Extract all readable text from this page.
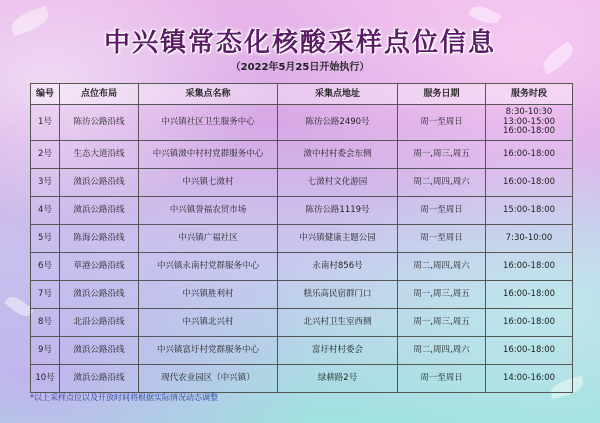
中兴镇常态化核酸采样点位信息
（2022年5月25日开始执行）
编号	点位布局	采集点名称	采集点地址	服务日期	服务时段
1号	陈彷公路沿线	中兴镇社区卫生服务中心	陈彷公路2490号	周一至周日	8:30-10:30
13:00-15:00
16:00-18:00

2号	生态大道沿线	中兴镇滧中村村党群服务中心	滧中村村委会东侧	周一,周三,周五	16:00-18:00

3号	滧浜公路沿线	中兴镇七滧村	七滧村文化游园	周二,周四,周六	16:00-18:00

4号	滧浜公路沿线	中兴镇誉福农贸市场	陈彷公路1119号	周一至周日	15:00-18:00

5号	陈海公路沿线	中兴镇广福社区	中兴镇健康主题公园	周一至周日	7:30-10:00

6号	草港公路沿线	中兴镇永南村党群服务中心	永南村856号	周二,周四,周六	16:00-18:00

7号	滧浜公路沿线	中兴镇胜利村	糕乐高民宿群门口	周一,周三,周五	16:00-18:00

8号	北沿公路沿线	中兴镇北兴村	北兴村卫生室西侧	周一,周三,周五	16:00-18:00

9号	滧浜公路沿线	中兴镇富圩村党群服务中心	富圩村村委会	周二,周四,周六	16:00-18:00

10号	滧浜公路沿线	现代农业园区（中兴镇）	绿耕路2号	周一至周日	14:00-16:00
*以上采样点位以及开放时间将根据实际情况动态调整
